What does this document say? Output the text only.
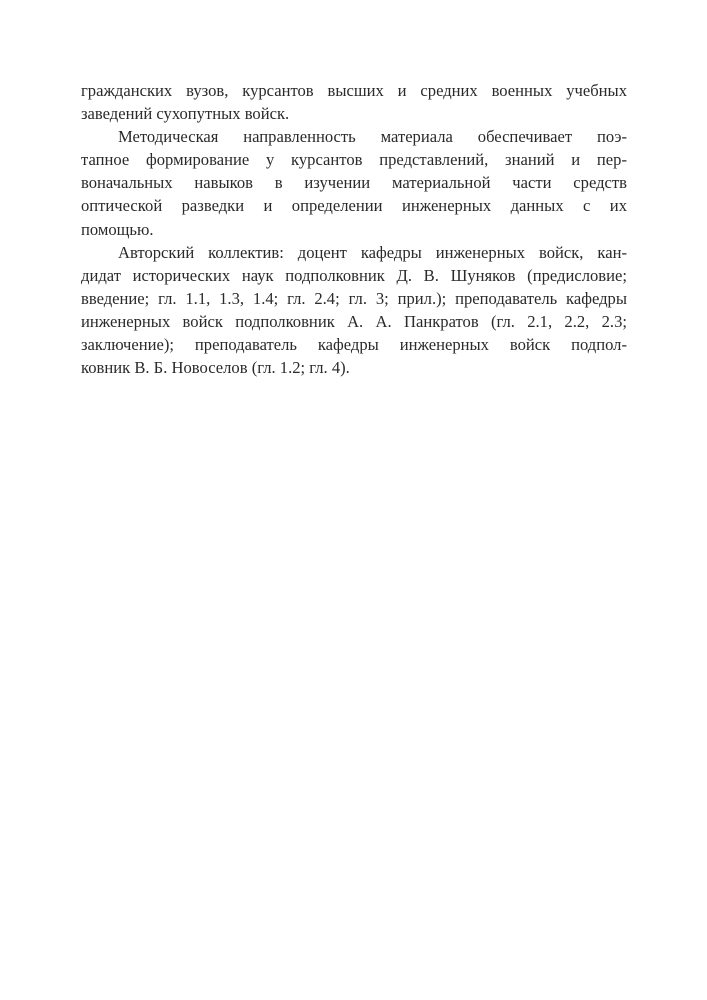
гражданских вузов, курсантов высших и средних военных учебных
заведений сухопутных войск.
Методическая направленность материала обеспечивает поэ-
тапное формирование у курсантов представлений, знаний и пер-
воначальных навыков в изучении материальной части средств
оптической разведки и определении инженерных данных с их
помощью.
Авторский коллектив: доцент кафедры инженерных войск, кан-
дидат исторических наук подполковник Д. В. Шуняков (предисловие;
введение; гл. 1.1, 1.3, 1.4; гл. 2.4; гл. 3; прил.); преподаватель кафедры
инженерных войск подполковник А. А. Панкратов (гл. 2.1, 2.2, 2.3;
заключение); преподаватель кафедры инженерных войск подпол-
ковник В. Б. Новоселов (гл. 1.2; гл. 4).
